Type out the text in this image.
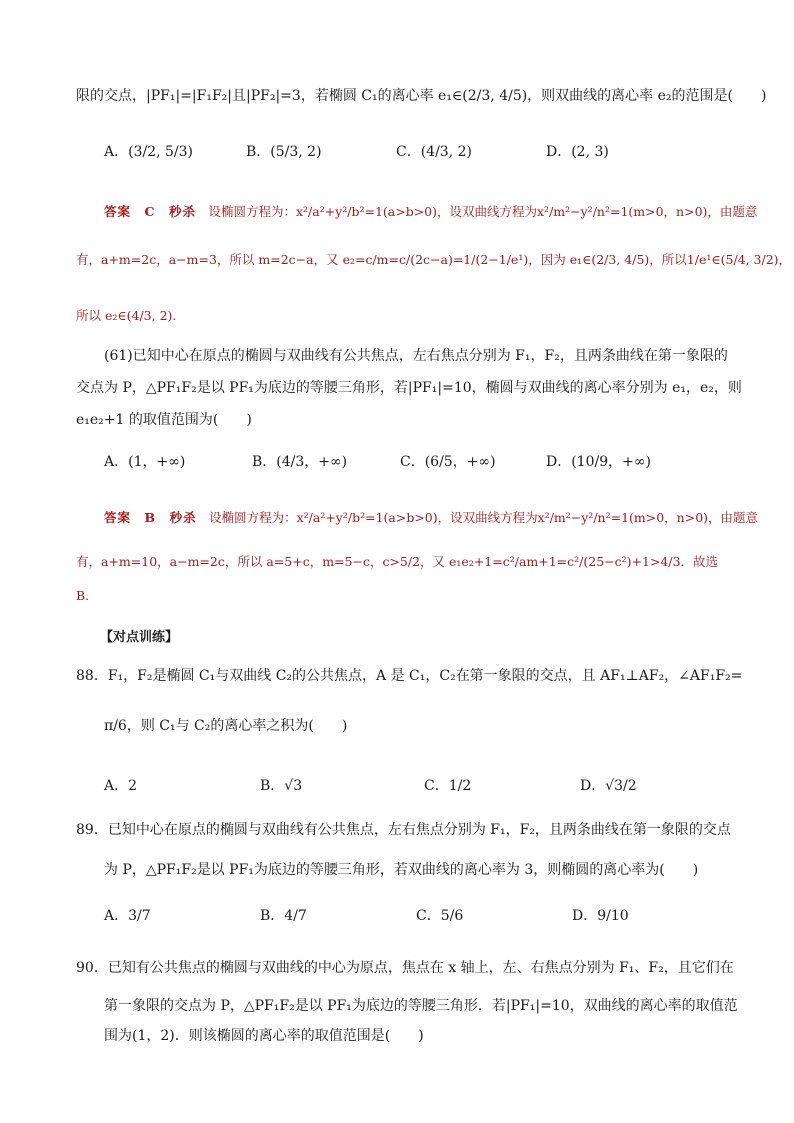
限的交点，|PF₁|=|F₁F₂|且|PF₂|=3，若椭圆 C₁的离心率 e₁∈(2/3, 4/5)，则双曲线的离心率 e₂的范围是(　　)
A．(3/2, 5/3)	B．(5/3, 2)	C．(4/3, 2)	D．(2, 3)
答案　C　秒杀　 设椭圆方程为：x²/a²+y²/b²=1(a>b>0)，设双曲线方程为x²/m²−y²/n²=1(m>0，n>0)，由题意
有，a+m=2c，a−m=3，所以 m=2c−a，又 e₂=c/m=c/(2c−a)=1/(2−1/e¹)，因为 e₁∈(2/3, 4/5)，所以1/e¹∈(5/4, 3/2)，
所以 e₂∈(4/3, 2).
(61)已知中心在原点的椭圆与双曲线有公共焦点，左右焦点分别为 F₁，F₂，且两条曲线在第一象限的
交点为 P，△PF₁F₂是以 PF₁为底边的等腰三角形，若|PF₁|=10，椭圆与双曲线的离心率分别为 e₁，e₂，则
e₁e₂+1 的取值范围为(　　)
A．(1，+∞)	B．(4/3，+∞)	C．(6/5，+∞)	D．(10/9，+∞)
答案　B　秒杀　 设椭圆方程为：x²/a²+y²/b²=1(a>b>0)，设双曲线方程为x²/m²−y²/n²=1(m>0，n>0)，由题意
有，a+m=10，a−m=2c，所以 a=5+c，m=5−c，c>5/2，又 e₁e₂+1=c²/am+1=c²/(25−c²)+1>4/3．故选
B．
【对点训练】
88．F₁，F₂是椭圆 C₁与双曲线 C₂的公共焦点，A 是 C₁，C₂在第一象限的交点，且 AF₁⊥AF₂，∠AF₁F₂=
π/6，则 C₁与 C₂的离心率之积为(　　)
A．2	B．√3	C．1/2	D．√3/2
89．已知中心在原点的椭圆与双曲线有公共焦点，左右焦点分别为 F₁，F₂，且两条曲线在第一象限的交点
为 P，△PF₁F₂是以 PF₁为底边的等腰三角形，若双曲线的离心率为 3，则椭圆的离心率为(　　)
A．3/7	B．4/7	C．5/6	D．9/10
90．已知有公共焦点的椭圆与双曲线的中心为原点，焦点在 x 轴上，左、右焦点分别为 F₁、F₂，且它们在
第一象限的交点为 P，△PF₁F₂是以 PF₁为底边的等腰三角形．若|PF₁|=10，双曲线的离心率的取值范
围为(1，2)．则该椭圆的离心率的取值范围是(　　)
